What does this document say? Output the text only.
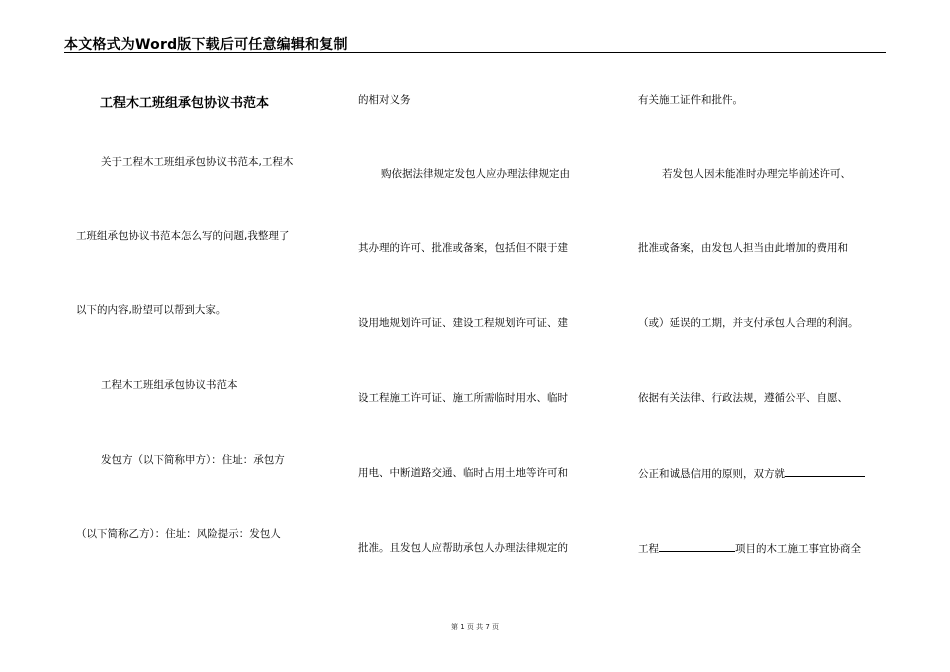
本文格式为Word版下载后可任意编辑和复制
工程木工班组承包协议书范本
关于工程木工班组承包协议书范本,工程木
工班组承包协议书范本怎么写的问题,我整理了
以下的内容,盼望可以帮到大家。
工程木工班组承包协议书范本
发包方（以下简称甲方）：住址：承包方
（以下简称乙方）：住址：风险提示：发包人
的相对义务
购依据法律规定发包人应办理法律规定由
其办理的许可、批准或备案，包括但不限于建
设用地规划许可证、建设工程规划许可证、建
设工程施工许可证、施工所需临时用水、临时
用电、中断道路交通、临时占用土地等许可和
批准。且发包人应帮助承包人办理法律规定的
有关施工证件和批件。
若发包人因未能准时办理完毕前述许可、
批准或备案，由发包人担当由此增加的费用和
（或）延误的工期，并支付承包人合理的利润。
依据有关法律、行政法规，遵循公平、自愿、
公正和诚恳信用的原则，双方就
工程	项目的木工施工事宜协商全
第 1 页 共 7 页
